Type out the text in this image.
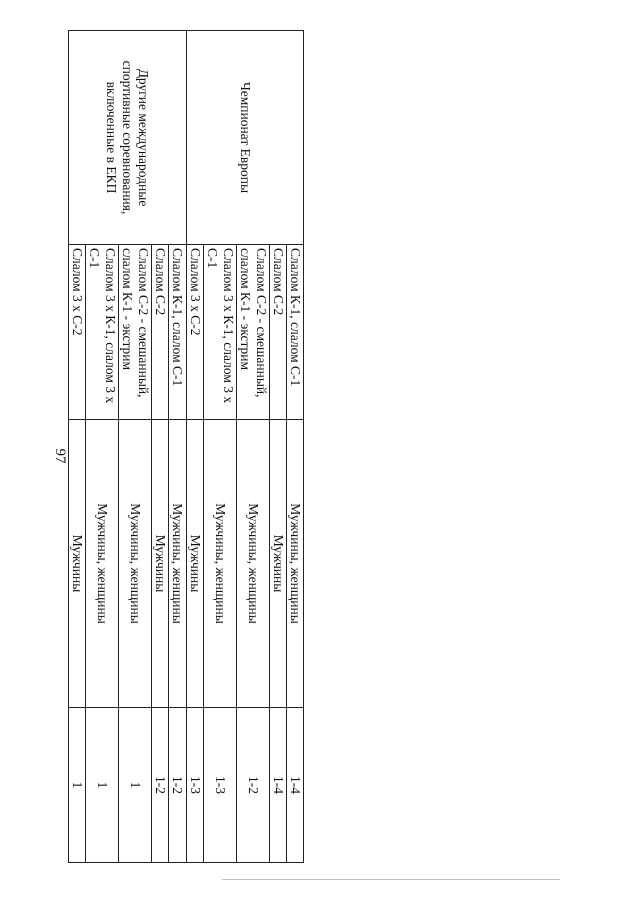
97
Чемпионат Европы	Слалом К-1, слалом С-1	Мужчины, женщины	1-4
	Слалом С-2	Мужчины	1-4
	Слалом С-2 - смешанный, слалом К-1 - экстрим	Мужчины, женщины	1-2
	Слалом 3 х К-1, слалом 3 х С-1	Мужчины, женщины	1-3
	Слалом 3 х С-2	Мужчины	1-3
Другие международные спортивные соревнования, включенные в ЕКП	Слалом К-1, слалом С-1	Мужчины, женщины	1-2
	Слалом С-2	Мужчины	1-2
	Слалом С-2 - смешанный, слалом К-1 - экстрим	Мужчины, женщины	1
	Слалом 3 х К-1, слалом 3 х С-1	Мужчины, женщины	1
	Слалом 3 х С-2	Мужчины	1
